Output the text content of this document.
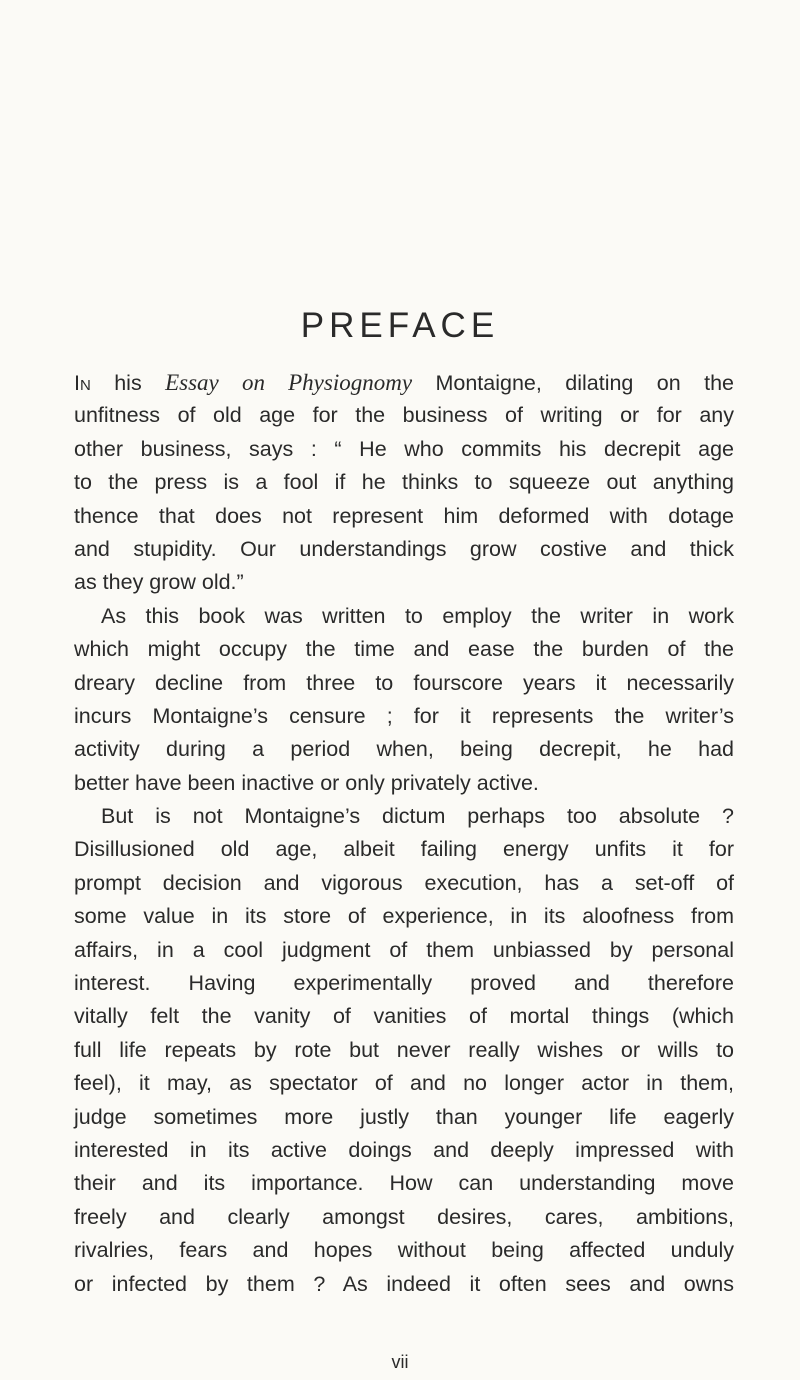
PREFACE
In his Essay on Physiognomy Montaigne, dilating on the
unfitness of old age for the business of writing or for any
other business, says : “ He who commits his decrepit age
to the press is a fool if he thinks to squeeze out anything
thence that does not represent him deformed with dotage
and stupidity. Our understandings grow costive and thick
as they grow old.”
As this book was written to employ the writer in work
which might occupy the time and ease the burden of the
dreary decline from three to fourscore years it necessarily
incurs Montaigne’s censure ; for it represents the writer’s
activity during a period when, being decrepit, he had
better have been inactive or only privately active.
But is not Montaigne’s dictum perhaps too absolute ?
Disillusioned old age, albeit failing energy unfits it for
prompt decision and vigorous execution, has a set-off of
some value in its store of experience, in its aloofness from
affairs, in a cool judgment of them unbiassed by personal
interest. Having experimentally proved and therefore
vitally felt the vanity of vanities of mortal things (which
full life repeats by rote but never really wishes or wills to
feel), it may, as spectator of and no longer actor in them,
judge sometimes more justly than younger life eagerly
interested in its active doings and deeply impressed with
their and its importance. How can understanding move
freely and clearly amongst desires, cares, ambitions,
rivalries, fears and hopes without being affected unduly
or infected by them ? As indeed it often sees and owns
vii
